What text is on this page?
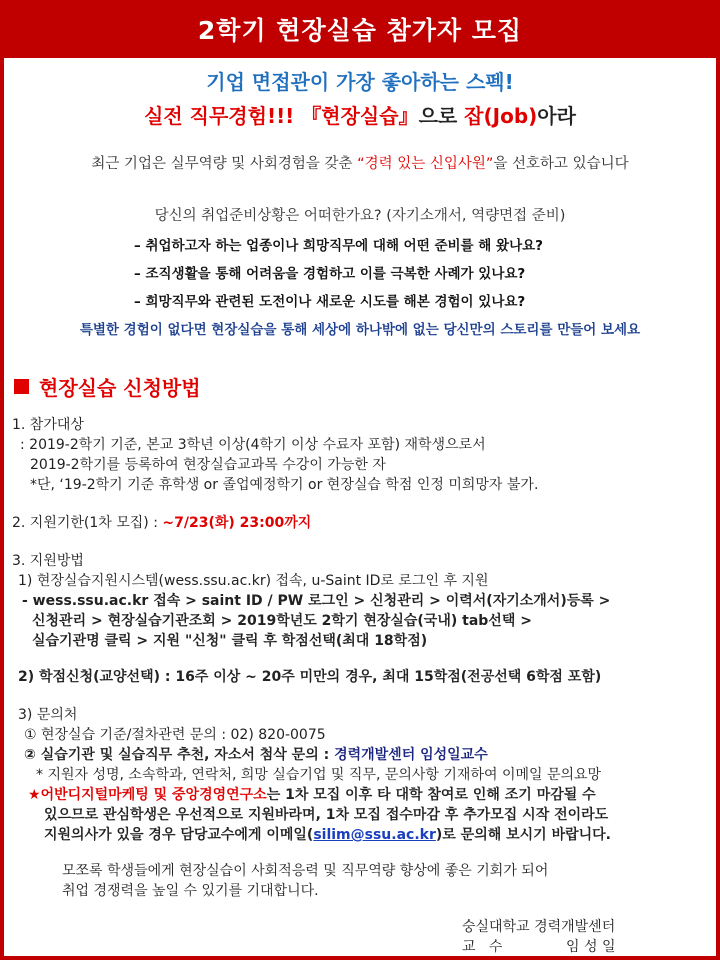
2학기 현장실습 참가자 모집
기업 면접관이 가장 좋아하는 스펙!
실전 직무경험!!! 『현장실습』으로 잡(Job)아라
최근 기업은 실무역량 및 사회경험을 갖춘 “경력 있는 신입사원”을 선호하고 있습니다
당신의 취업준비상황은 어떠한가요? (자기소개서, 역량면접 준비)
– 취업하고자 하는 업종이나 희망직무에 대해 어떤 준비를 해 왔나요?
– 조직생활을 통해 어려움을 경험하고 이를 극복한 사례가 있나요?
– 희망직무와 관련된 도전이나 새로운 시도를 해본 경험이 있나요?
특별한 경험이 없다면 현장실습을 통해 세상에 하나밖에 없는 당신만의 스토리를 만들어 보세요
현장실습 신청방법
1. 참가대상
: 2019-2학기 기준, 본교 3학년 이상(4학기 이상 수료자 포함) 재학생으로서
2019-2학기를 등록하여 현장실습교과목 수강이 가능한 자
*단, ‘19-2학기 기준 휴학생 or 졸업예정학기 or 현장실습 학점 인정 미희망자 불가.
2. 지원기한(1차 모집) : ~7/23(화) 23:00까지
3. 지원방법
1) 현장실습지원시스템(wess.ssu.ac.kr) 접속, u-Saint ID로 로그인 후 지원
- wess.ssu.ac.kr 접속 > saint ID / PW 로그인 > 신청관리 > 이력서(자기소개서)등록 >
신청관리 > 현장실습기관조회 > 2019학년도 2학기 현장실습(국내) tab선택 >
실습기관명 클릭 > 지원 "신청" 클릭 후 학점선택(최대 18학점)
2) 학점신청(교양선택) : 16주 이상 ~ 20주 미만의 경우, 최대 15학점(전공선택 6학점 포함)
3) 문의처
① 현장실습 기준/절차관련 문의 : 02) 820-0075
② 실습기관 및 실습직무 추천, 자소서 첨삭 문의 : 경력개발센터 임성일교수
* 지원자 성명, 소속학과, 연락처, 희망 실습기업 및 직무, 문의사항 기재하여 이메일 문의요망
★어반디지털마케팅 및 중앙경영연구소는 1차 모집 이후 타 대학 참여로 인해 조기 마감될 수
있으므로 관심학생은 우선적으로 지원바라며, 1차 모집 접수마감 후 추가모집 시작 전이라도
지원의사가 있을 경우 담당교수에게 이메일(silim@ssu.ac.kr)로 문의해 보시기 바랍니다.
모쪼록 학생들에게 현장실습이 사회적응력 및 직무역량 향상에 좋은 기회가 되어
취업 경쟁력을 높일 수 있기를 기대합니다.
숭실대학교 경력개발센터
교   수	임 성 일
